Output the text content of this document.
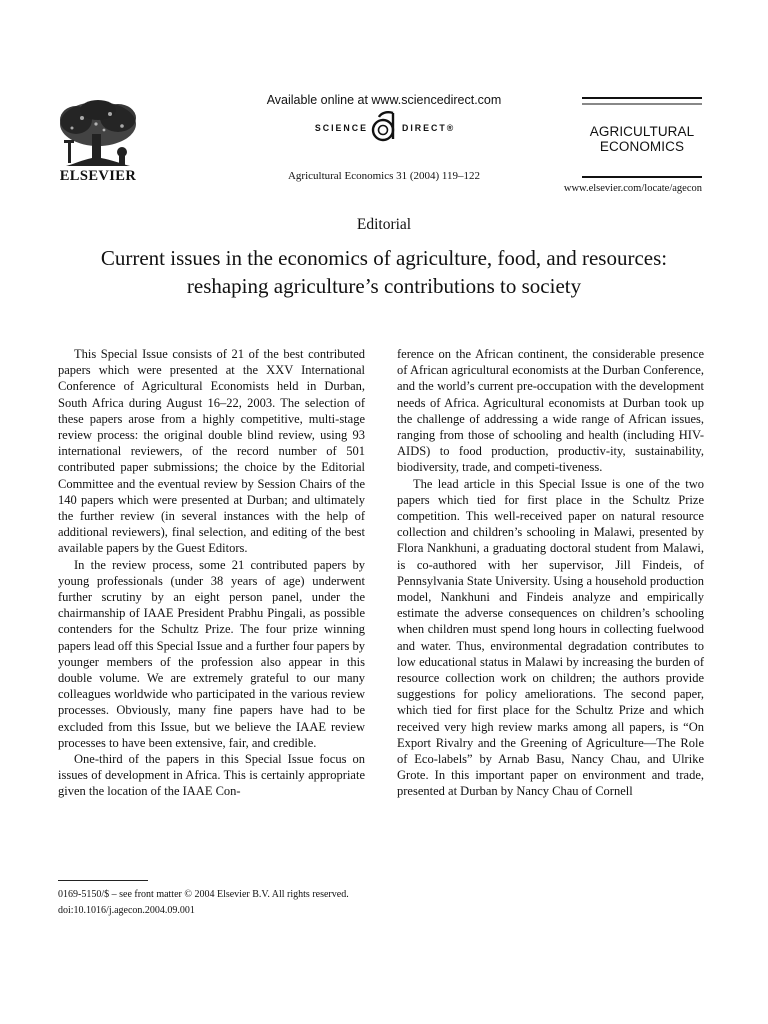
ELSEVIER
Available online at www.sciencedirect.com
SCIENCE	DIRECT®
Agricultural Economics 31 (2004) 119–122
AGRICULTURAL
ECONOMICS
www.elsevier.com/locate/agecon
Editorial
Current issues in the economics of agriculture, food, and resources: reshaping agriculture’s contributions to society

This Special Issue consists of 21 of the best contributed papers which were presented at the XXV International Conference of Agricultural Economists held in Durban, South Africa during August 16–22, 2003. The selection of these papers arose from a highly competitive, multi-stage review process: the original double blind review, using 93 international reviewers, of the record number of 501 contributed paper submissions; the choice by the Editorial Committee and the eventual review by Session Chairs of the 140 papers which were presented at Durban; and ultimately the further review (in several instances with the help of additional reviewers), final selection, and editing of the best available papers by the Guest Editors.

In the review process, some 21 contributed papers by young professionals (under 38 years of age) underwent further scrutiny by an eight person panel, under the chairmanship of IAAE President Prabhu Pingali, as possible contenders for the Schultz Prize. The four prize winning papers lead off this Special Issue and a further four papers by younger members of the profession also appear in this double volume. We are extremely grateful to our many colleagues worldwide who participated in the various review processes. Obviously, many fine papers have had to be excluded from this Issue, but we believe the IAAE review processes to have been extensive, fair, and credible.

One-third of the papers in this Special Issue focus on issues of development in Africa. This is certainly appropriate given the location of the IAAE Con-

ference on the African continent, the considerable presence of African agricultural economists at the Durban Conference, and the world’s current pre-occupation with the development needs of Africa. Agricultural economists at Durban took up the challenge of addressing a wide range of African issues, ranging from those of schooling and health (including HIV-AIDS) to food production, productiv-ity, sustainability, biodiversity, trade, and competi-tiveness.

The lead article in this Special Issue is one of the two papers which tied for first place in the Schultz Prize competition. This well-received paper on natural resource collection and children’s schooling in Malawi, presented by Flora Nankhuni, a graduating doctoral student from Malawi, is co-authored with her supervisor, Jill Findeis, of Pennsylvania State University. Using a household production model, Nankhuni and Findeis analyze and empirically estimate the adverse consequences on children’s schooling when children must spend long hours in collecting fuelwood and water. Thus, environmental degradation contributes to low educational status in Malawi by increasing the burden of resource collection work on children; the authors provide suggestions for policy ameliorations. The second paper, which tied for first place for the Schultz Prize and which received very high review marks among all papers, is “On Export Rivalry and the Greening of Agriculture—The Role of Eco-labels” by Arnab Basu, Nancy Chau, and Ulrike Grote. In this important paper on environment and trade, presented at Durban by Nancy Chau of Cornell

0169-5150/$ – see front matter © 2004 Elsevier B.V. All rights reserved.
doi:10.1016/j.agecon.2004.09.001
